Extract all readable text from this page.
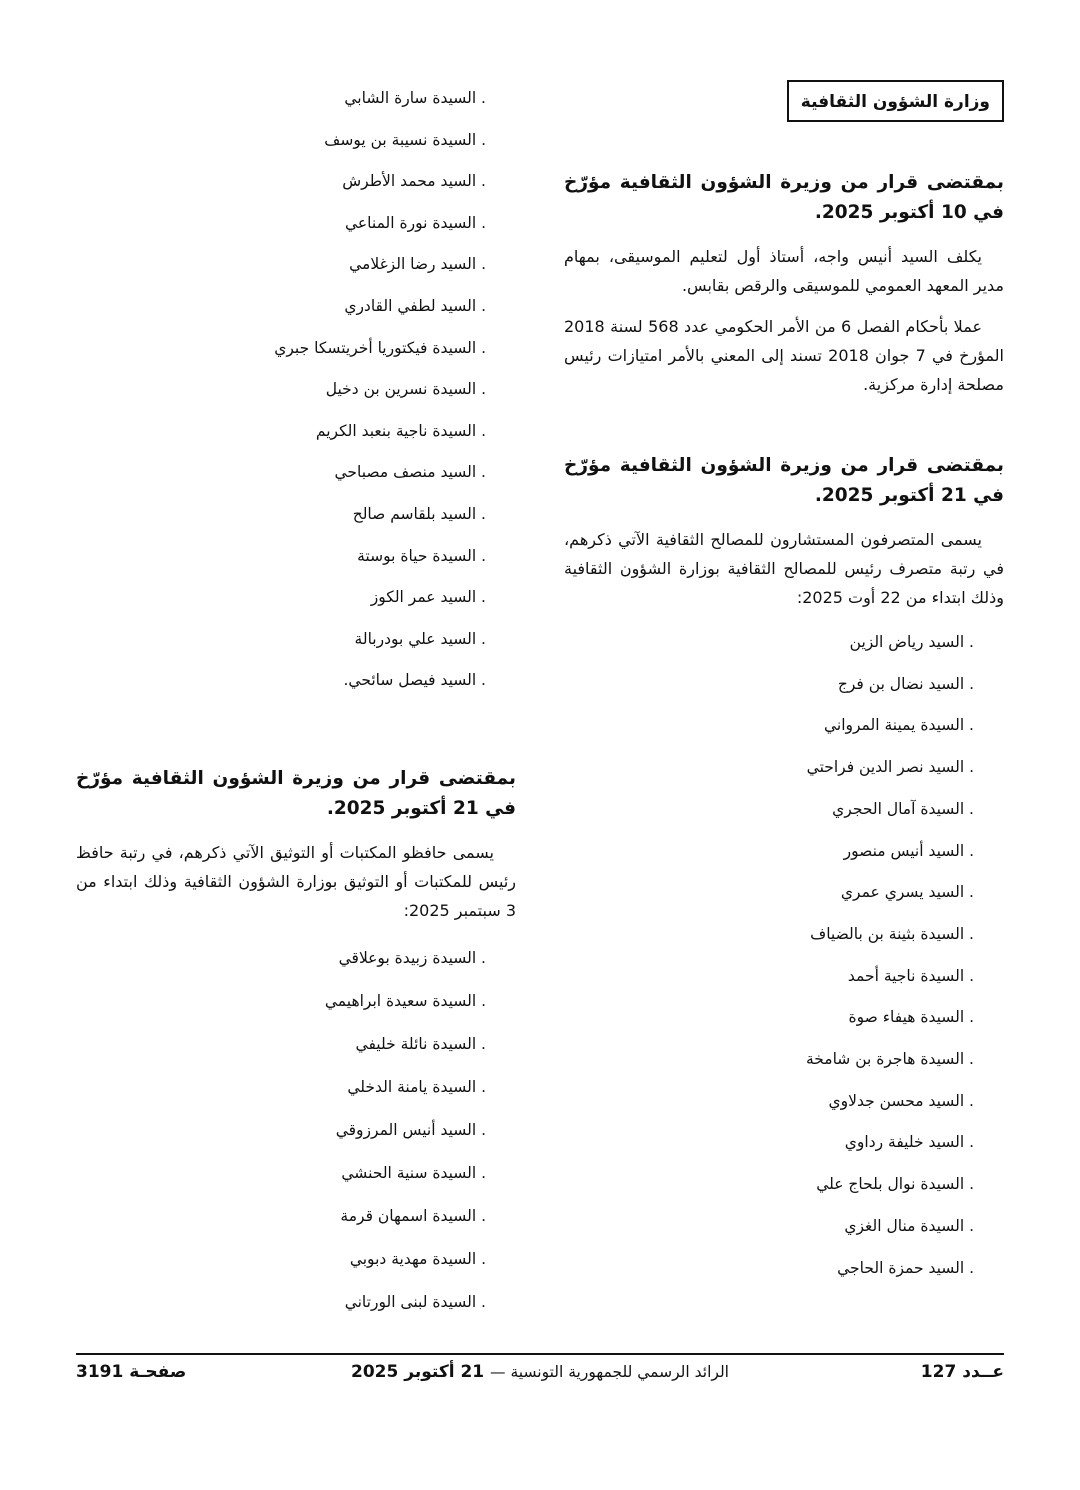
وزارة الشؤون الثقافية
بمقتضى قرار من وزيرة الشؤون الثقافية مؤرّخ في 10 أكتوبر 2025.

يكلف السيد أنيس واجه، أستاذ أول لتعليم الموسيقى، بمهام مدير المعهد العمومي للموسيقى والرقص بقابس.

عملا بأحكام الفصل 6 من الأمر الحكومي عدد 568 لسنة 2018 المؤرخ في 7 جوان 2018 تسند إلى المعني بالأمر امتيازات رئيس مصلحة إدارة مركزية.

بمقتضى قرار من وزيرة الشؤون الثقافية مؤرّخ في 21 أكتوبر 2025.

يسمى المتصرفون المستشارون للمصالح الثقافية الآتي ذكرهم، في رتبة متصرف رئيس للمصالح الثقافية بوزارة الشؤون الثقافية وذلك ابتداء من 22 أوت 2025:

. السيد رياض الزين
. السيد نضال بن فرج
. السيدة يمينة المرواني
. السيد نصر الدين فراحتي
. السيدة آمال الحجري
. السيد أنيس منصور
. السيد يسري عمري
. السيدة بثينة بن بالضياف
. السيدة ناجية أحمد
. السيدة هيفاء صوة
. السيدة هاجرة بن شامخة
. السيد محسن جدلاوي
. السيد خليفة رداوي
. السيدة نوال بلحاج علي
. السيدة منال الغزي
. السيد حمزة الحاجي
. السيدة سارة الشابي
. السيدة نسيبة بن يوسف
. السيد محمد الأطرش
. السيدة نورة المناعي
. السيد رضا الزغلامي
. السيد لطفي القادري
. السيدة فيكتوريا أخريتسكا جبري
. السيدة نسرين بن دخيل
. السيدة ناجية بنعبد الكريم
. السيد منصف مصباحي
. السيد بلقاسم صالح
. السيدة حياة بوستة
. السيد عمر الكوز
. السيد علي بودربالة
. السيد فيصل سائحي.
بمقتضى قرار من وزيرة الشؤون الثقافية مؤرّخ في 21 أكتوبر 2025.

يسمى حافظو المكتبات أو التوثيق الآتي ذكرهم، في رتبة حافظ رئيس للمكتبات أو التوثيق بوزارة الشؤون الثقافية وذلك ابتداء من 3 سبتمبر 2025:

. السيدة زبيدة بوعلاقي
. السيدة سعيدة ابراهيمي
. السيدة نائلة خليفي
. السيدة يامنة الدخلي
. السيد أنيس المرزوقي
. السيدة سنية الحنشي
. السيدة اسمهان قرمة
. السيدة مهدية دبوبي
. السيدة لبنى الورتاني
عــدد 127
الرائد الرسمي للجمهورية التونسية — 21 أكتوبر 2025
صفحـة 3191
